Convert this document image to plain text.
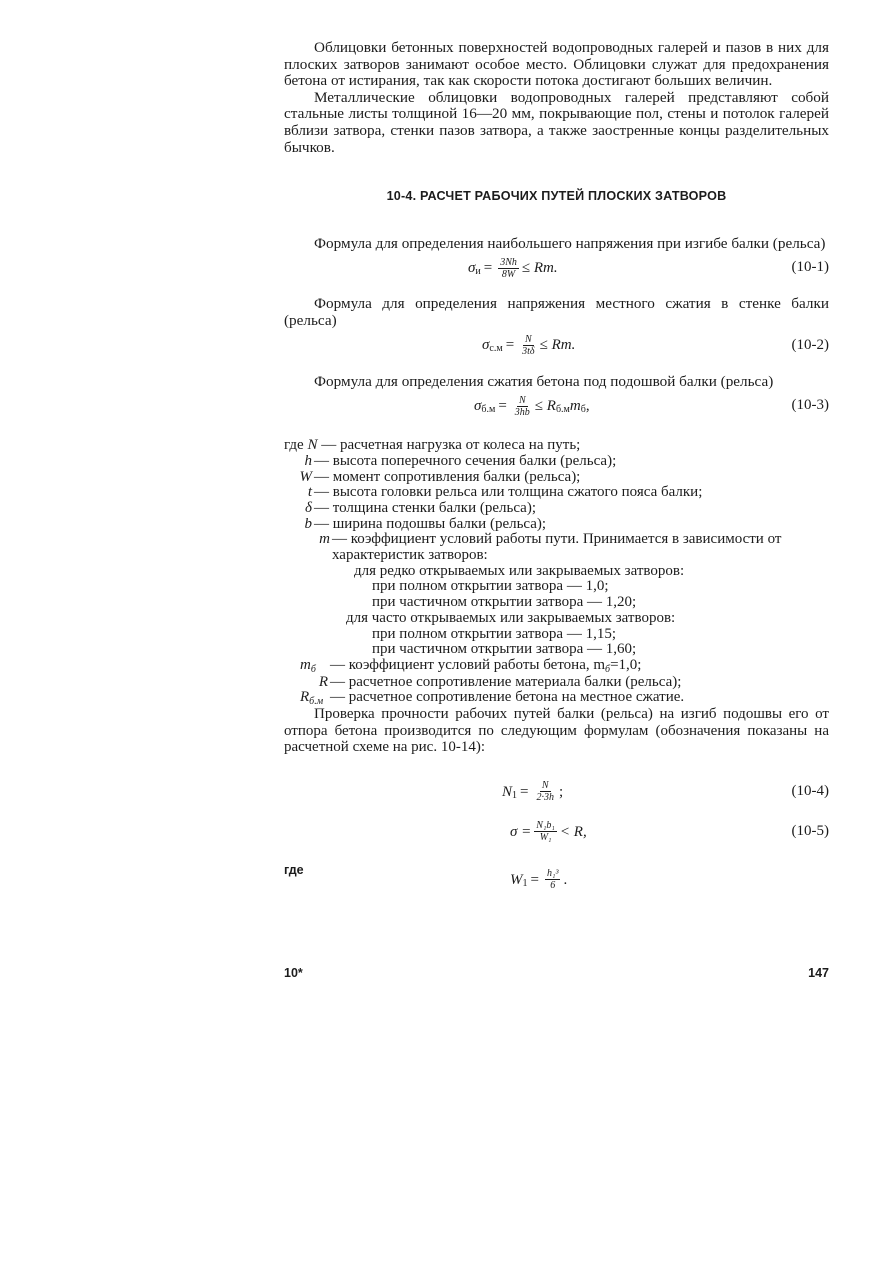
Облицовки бетонных поверхностей водопроводных галерей и пазов в них для плоских затворов занимают особое место. Облицовки служат для предохранения бетона от истирания, так как скорости потока достигают больших величин.

Металлические облицовки водопроводных галерей представляют собой стальные листы толщиной 16—20 мм, покрывающие пол, стены и потолок галерей вблизи затвора, стенки пазов затвора, а также заостренные концы разделительных бычков.

10-4. РАСЧЕТ РАБОЧИХ ПУТЕЙ ПЛОСКИХ ЗАТВОРОВ

Формула для определения наибольшего напряжения при изгибе балки (рельса)

σ $и = \frac{3Nh}{8W} \le Rm$.	(10-1)

Формула для определения напряжения местного сжатия в стенке балки (рельса)

σ $с.м = \frac{N}{3t\delta} \le Rm$.	(10-2)

Формула для определения сжатия бетона под подошвой балки (рельса)

σ $б.м = \frac{N}{3hb} \le R$ б.м m б ,	(10-3)
где N — расчетная нагрузка от колеса на путь;
h — высота поперечного сечения балки (рельса);
W — момент сопротивления балки (рельса);
t — высота головки рельса или толщина сжатого пояса балки;
δ — толщина стенки балки (рельса);
b — ширина подошвы балки (рельса);
m — коэффициент условий работы пути. Принимается в зависимости от характеристик затворов:
для редко открываемых или закрываемых затворов:
при полном открытии затвора — 1,0;
при частичном открытии затвора — 1,20;
для часто открываемых или закрываемых затворов:
при полном открытии затвора — 1,15;
при частичном открытии затвора — 1,60;
$m_б$ — коэффициент условий работы бетона, $m_б=1,0$;
R — расчетное сопротивление материала балки (рельса);
$R_{б.м}$ — расчетное сопротивление бетона на местное сжатие.

Проверка прочности рабочих путей балки (рельса) на изгиб подошвы его от отпора бетона производится по следующим формулам (обозначения показаны на расчетной схеме на рис. 10-14):

N $1 = \frac{N}{2\cdot 3h}$ ;	(10-4)
$\sigma = \frac{\text{N₁b₁}}{\text{W₁}} < R$,	(10-5)
где
W $1 = \frac{\text{h₁³}}{6}$ .
10*	147
